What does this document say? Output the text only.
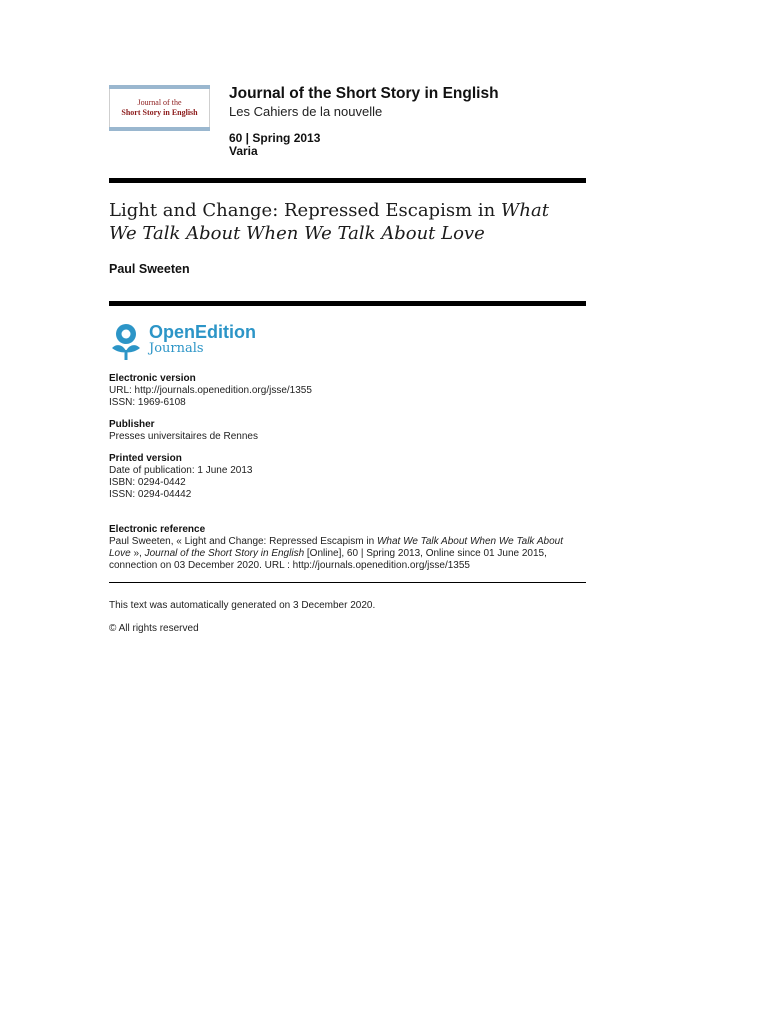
Journal of the
Short Story in English
Journal of the Short Story in English
Les Cahiers de la nouvelle
60 | Spring 2013
Varia
Light and Change: Repressed Escapism in What We Talk About When We Talk About Love
Paul Sweeten
OpenEdition
Journals
Electronic version
URL: http://journals.openedition.org/jsse/1355
ISSN: 1969-6108
Publisher
Presses universitaires de Rennes
Printed version
Date of publication: 1 June 2013
ISBN: 0294-0442
ISSN: 0294-04442
Electronic reference
Paul Sweeten, « Light and Change: Repressed Escapism in What We Talk About When We Talk About Love », Journal of the Short Story in English [Online], 60 | Spring 2013, Online since 01 June 2015, connection on 03 December 2020. URL : http://journals.openedition.org/jsse/1355
This text was automatically generated on 3 December 2020.
© All rights reserved
